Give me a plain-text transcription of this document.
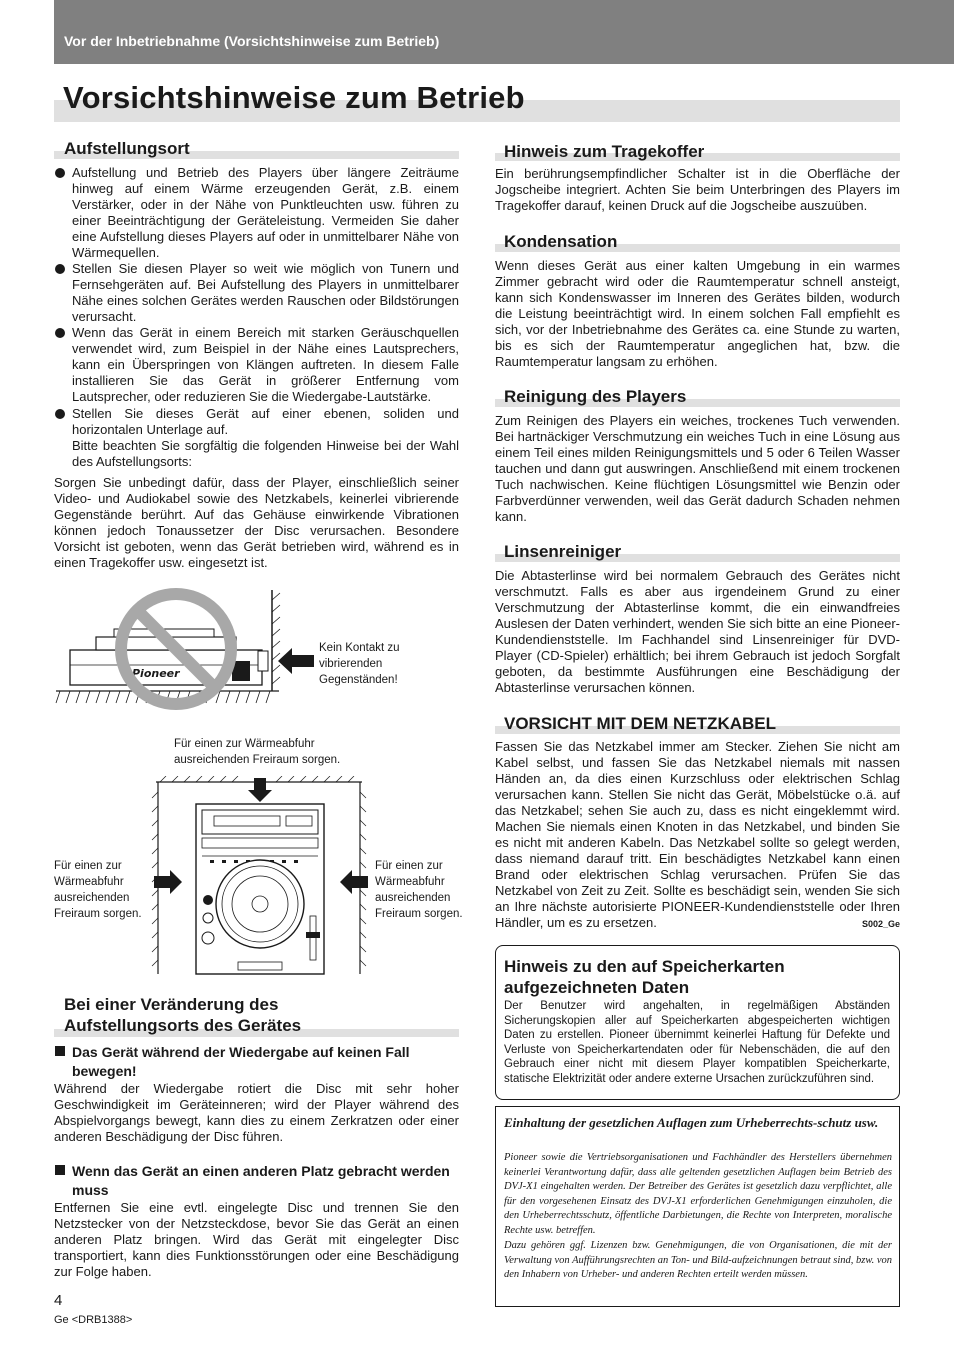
Vor der Inbetriebnahme (Vorsichtshinweise zum Betrieb)
Vorsichtshinweise zum Betrieb
Aufstellungsort
Aufstellung und Betrieb des Players über längere Zeiträume hinweg auf einem Wärme erzeugenden Gerät, z.B. einem Verstärker, oder in der Nähe von Punktleuchten usw. führen zu einer Beeinträchtigung der Geräteleistung. Vermeiden Sie daher eine Aufstellung dieses Players auf oder in unmittelbarer Nähe von Wärmequellen.
Stellen Sie diesen Player so weit wie möglich von Tunern und Fernsehgeräten auf. Bei Aufstellung des Players in unmittelbarer Nähe eines solchen Gerätes werden Rauschen oder Bildstörungen verursacht.
Wenn das Gerät in einem Bereich mit starken Geräuschquellen verwendet wird, zum Beispiel in der Nähe eines Lautsprechers, kann ein Überspringen von Klängen auftreten. In diesem Falle installieren Sie das Gerät in größerer Entfernung vom Lautsprecher, oder reduzieren Sie die Wiedergabe-Lautstärke.
Stellen Sie dieses Gerät auf einer ebenen, soliden und horizontalen Unterlage auf.
Bitte beachten Sie sorgfältig die folgenden Hinweise bei der Wahl des Aufstellungsorts:
Sorgen Sie unbedingt dafür, dass der Player, einschließlich seiner Video- und Audiokabel sowie des Netzkabels, keinerlei vibrierende Gegenstände berührt. Auf das Gehäuse einwirkende Vibrationen können jedoch Tonaussetzer der Disc verursachen. Besondere Vorsicht ist geboten, wenn das Gerät betrieben wird, während es in einen Tragekoffer usw. eingesetzt ist.
Pioneer
Kein Kontakt zu vibrierenden Gegenständen!
Für einen zur Wärmeabfuhr ausreichenden Freiraum sorgen.
Für einen zur Wärmeabfuhr ausreichenden Freiraum sorgen.
Für einen zur Wärmeabfuhr ausreichenden Freiraum sorgen.
Bei einer Veränderung des Aufstellungsorts des Gerätes
Das Gerät während der Wiedergabe auf keinen Fall bewegen!
Während der Wiedergabe rotiert die Disc mit sehr hoher Geschwindigkeit im Geräteinneren; wird der Player während des Abspielvorgangs bewegt, kann dies zu einem Zerkratzen oder einer anderen Beschädigung der Disc führen.
Wenn das Gerät an einen anderen Platz gebracht werden muss
Entfernen Sie eine evtl. eingelegte Disc und trennen Sie den Netzstecker von der Netzsteckdose, bevor Sie das Gerät an einen anderen Platz bringen. Wird das Gerät mit eingelegter Disc transportiert, kann dies Funktionsstörungen oder eine Beschädigung zur Folge haben.
Hinweis zum Tragekoffer
Ein berührungsempfindlicher Schalter ist in die Oberfläche der Jogscheibe integriert. Achten Sie beim Unterbringen des Players im Tragekoffer darauf, keinen Druck auf die Jogscheibe auszuüben.
Kondensation
Wenn dieses Gerät aus einer kalten Umgebung in ein warmes Zimmer gebracht wird oder die Raumtemperatur schnell ansteigt, kann sich Kondenswasser im Inneren des Gerätes bilden, wodurch die Leistung beeinträchtigt wird. In einem solchen Fall empfiehlt es sich, vor der Inbetriebnahme des Gerätes ca. eine Stunde zu warten, bis es sich der Raumtemperatur angeglichen hat, bzw. die Raumtemperatur langsam zu erhöhen.
Reinigung des Players
Zum Reinigen des Players ein weiches, trockenes Tuch verwenden. Bei hartnäckiger Verschmutzung ein weiches Tuch in eine Lösung aus einem Teil eines milden Reinigungsmittels und 5 oder 6 Teilen Wasser tauchen und dann gut auswringen. Anschließend mit einem trockenen Tuch nachwischen. Keine flüchtigen Lösungsmittel wie Benzin oder Farbverdünner verwenden, weil das Gerät dadurch Schaden nehmen kann.
Linsenreiniger
Die Abtasterlinse wird bei normalem Gebrauch des Gerätes nicht verschmutzt. Falls es aber aus irgendeinem Grund zu einer Verschmutzung der Abtasterlinse kommt, die ein einwandfreies Auslesen der Daten verhindert, wenden Sie sich bitte an eine Pioneer-Kundendienststelle. Im Fachhandel sind Linsenreiniger für DVD-Player (CD-Spieler) erhältlich; bei ihrem Gebrauch ist jedoch Sorgfalt geboten, da bestimmte Ausführungen eine Beschädigung der Abtasterlinse verursachen können.
VORSICHT MIT DEM NETZKABEL
Fassen Sie das Netzkabel immer am Stecker. Ziehen Sie nicht am Kabel selbst, und fassen Sie das Netzkabel niemals mit nassen Händen an, da dies einen Kurzschluss oder elektrischen Schlag verursachen kann. Stellen Sie nicht das Gerät, Möbelstücke o.ä. auf das Netzkabel; sehen Sie auch zu, dass es nicht eingeklemmt wird. Machen Sie niemals einen Knoten in das Netzkabel, und binden Sie es nicht mit anderen Kabeln. Das Netzkabel sollte so gelegt werden, dass niemand darauf tritt. Ein beschädigtes Netzkabel kann einen Brand oder elektrischen Schlag verursachen. Prüfen Sie das Netzkabel von Zeit zu Zeit. Sollte es beschädigt sein, wenden Sie sich an Ihre nächste autorisierte PIONEER-Kundendienststelle oder Ihren Händler, um es zu ersetzen.	S002_Ge
Hinweis zu den auf Speicherkarten aufgezeichneten Daten
Der Benutzer wird angehalten, in regelmäßigen Abständen Sicherungskopien aller auf Speicherkarten abgespeicherten wichtigen Daten zu erstellen. Pioneer übernimmt keinerlei Haftung für Defekte und Verluste von Speicherkartendaten oder für Nebenschäden, die auf den Gebrauch einer nicht mit diesem Player kompatiblen Speicherkarte, statische Elektrizität oder andere externe Ursachen zurückzuführen sind.
Einhaltung der gesetzlichen Auflagen zum Urheberrechts-schutz usw.
Pioneer sowie die Vertriebsorganisationen und Fachhändler des Herstellers übernehmen keinerlei Verantwortung dafür, dass alle geltenden gesetzlichen Auflagen beim Betrieb des DVJ-X1 eingehalten werden. Der Betreiber des Gerätes ist gesetzlich dazu verpflichtet, alle für den vorgesehenen Einsatz des DVJ-X1 erforderlichen Genehmigungen einzuholen, die den Urheberrechtsschutz, öffentliche Darbietungen, die Rechte von Interpreten, moralische Rechte usw. betreffen.
Dazu gehören ggf. Lizenzen bzw. Genehmigungen, die von Organisationen, die mit der Verwaltung von Aufführungsrechten an Ton- und Bild-aufzeichnungen betraut sind, bzw. von den Inhabern von Urheber- und anderen Rechten erteilt werden müssen.
4
Ge <DRB1388>
